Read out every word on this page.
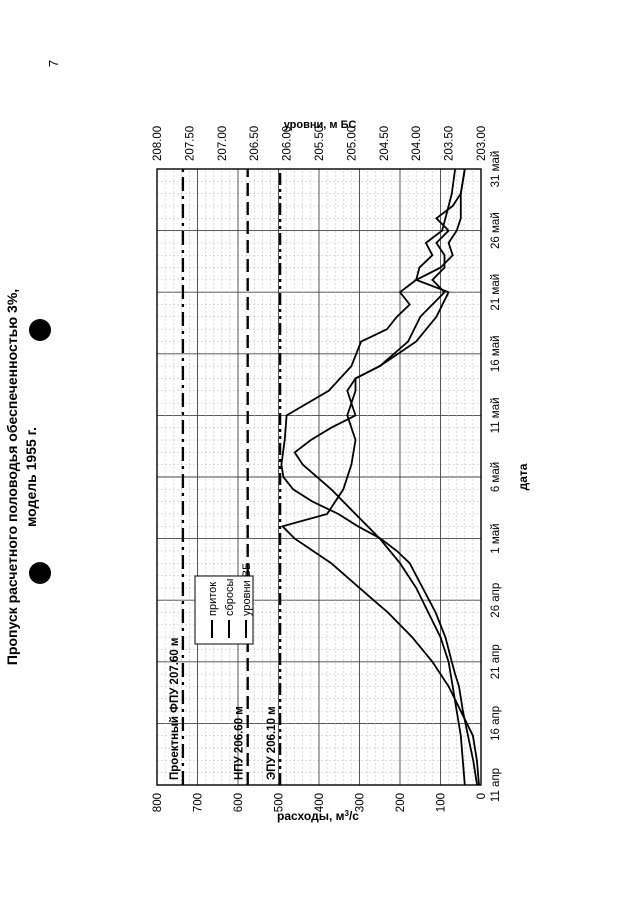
7
Проектный ФПУ 207.60 м	НПУ 206.60 м ЭПУ 206.10 м
11 апр
16 апр
21 апр
26 апр
1 май
6 май
11 май
16 май
21 май
26 май
31 май
0
100
200
300
400
500
600
700
800
203.00
203.50
204.00
204.50
205.00
205.50
206.00
206.50
207.00
207.50
208.00
Пропуск расчетного половодья обеспеченностью 3%, модель 1955 г.	дата
расходы, $м^3/с$
уровни, м БС
приток сбросы уровни ВБ
